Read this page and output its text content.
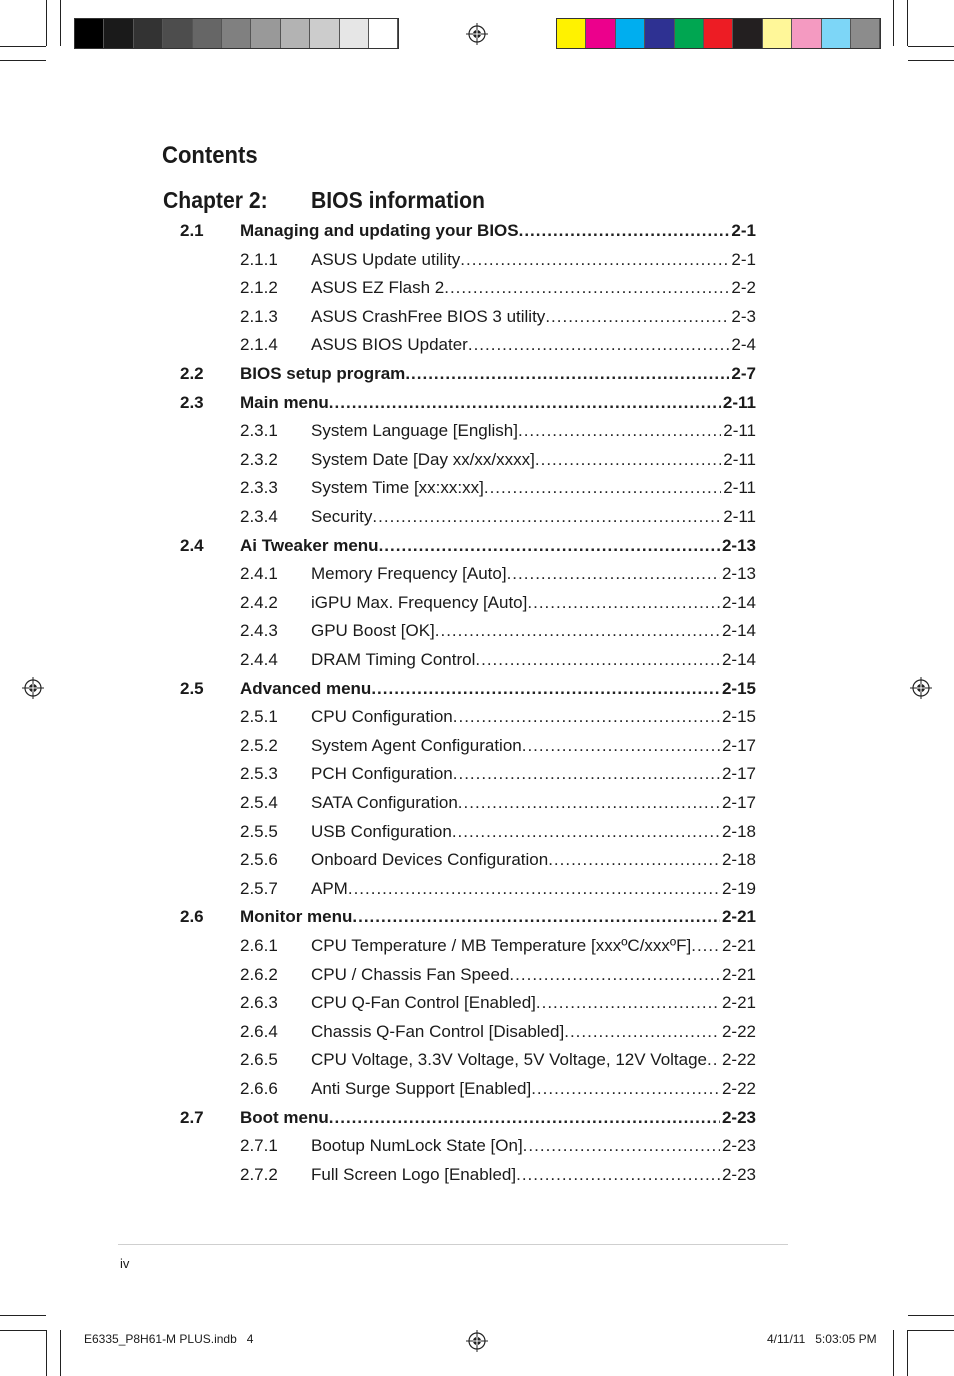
Contents
Chapter 2: BIOS information
2.1 Managing and updating your BIOS .....	2-1
2.1.1 ASUS Update utility .....	2-1
2.1.2 ASUS EZ Flash 2 .....	2-2
2.1.3 ASUS CrashFree BIOS 3 utility .....	2-3
2.1.4 ASUS BIOS Updater .....	2-4
2.2 BIOS setup program .....	2-7
2.3 Main menu .....	2-11
2.3.1 System Language [English] .....	2-11
2.3.2 System Date [Day xx/xx/xxxx] .....	2-11
2.3.3 System Time [xx:xx:xx] .....	2-11
2.3.4 Security .....	2-11
2.4 Ai Tweaker menu .....	2-13
2.4.1 Memory Frequency [Auto] .....	2-13
2.4.2 iGPU Max. Frequency [Auto] .....	2-14
2.4.3 GPU Boost [OK] .....	2-14
2.4.4 DRAM Timing Control .....	2-14
2.5 Advanced menu .....	2-15
2.5.1 CPU Configuration .....	2-15
2.5.2 System Agent Configuration .....	2-17
2.5.3 PCH Configuration .....	2-17
2.5.4 SATA Configuration .....	2-17
2.5.5 USB Configuration .....	2-18
2.5.6 Onboard Devices Configuration .....	2-18
2.5.7 APM .....	2-19
2.6 Monitor menu .....	2-21
2.6.1 CPU Temperature / MB Temperature [xxxºC/xxxºF] ..... 2-21
2.6.2 CPU / Chassis Fan Speed .....	2-21
2.6.3 CPU Q-Fan Control [Enabled] .....	2-21
2.6.4 Chassis Q-Fan Control [Disabled] .....	2-22
2.6.5 CPU Voltage, 3.3V Voltage, 5V Voltage, 12V Voltage ..... 2-22
2.6.6 Anti Surge Support [Enabled] .....	2-22
2.7 Boot menu .....	2-23
2.7.1 Bootup NumLock State [On] .....	2-23
2.7.2 Full Screen Logo [Enabled] .....	2-23
iv
E6335_P8H61-M PLUS.indb   4	4/11/11   5:03:05 PM
